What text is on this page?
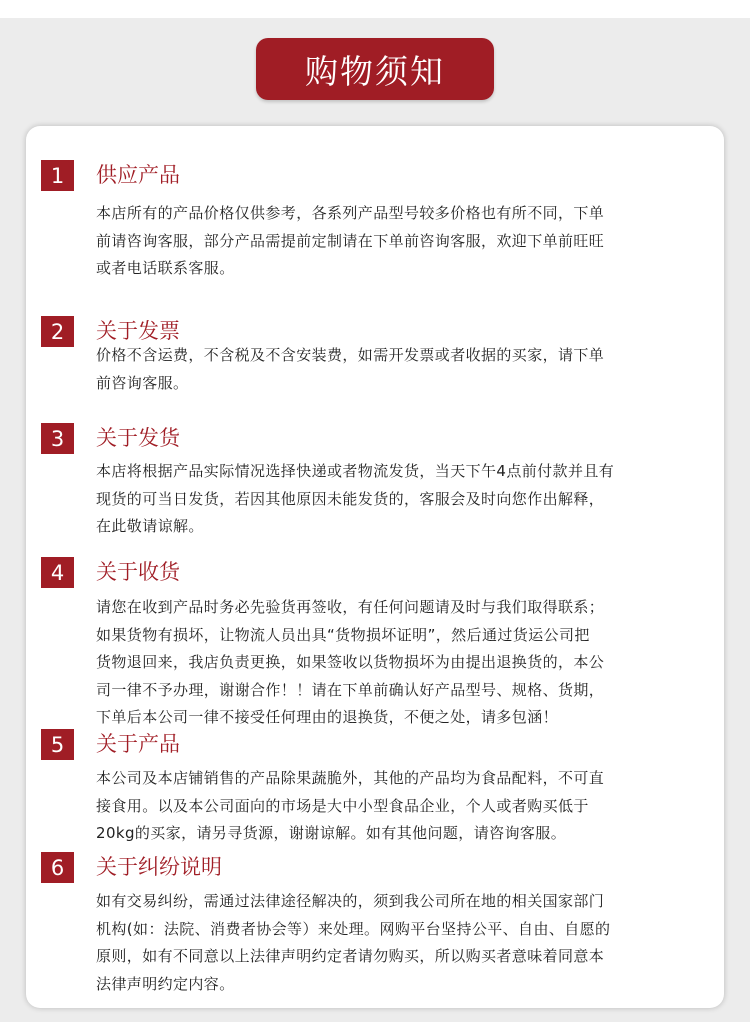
购物须知
1	供应产品
本店所有的产品价格仅供参考，各系列产品型号较多价格也有所不同，下单
前请咨询客服，部分产品需提前定制请在下单前咨询客服，欢迎下单前旺旺
或者电话联系客服。
2	关于发票
价格不含运费，不含税及不含安装费，如需开发票或者收据的买家，请下单
前咨询客服。
3	关于发货
本店将根据产品实际情况选择快递或者物流发货，当天下午4点前付款并且有
现货的可当日发货，若因其他原因未能发货的，客服会及时向您作出解释，
在此敬请谅解。
4	关于收货
请您在收到产品时务必先验货再签收，有任何问题请及时与我们取得联系；
如果货物有损坏，让物流人员出具“货物损坏证明”，然后通过货运公司把
货物退回来，我店负责更换，如果签收以货物损坏为由提出退换货的，本公
司一律不予办理，谢谢合作！！请在下单前确认好产品型号、规格、货期，
下单后本公司一律不接受任何理由的退换货，不便之处，请多包涵！
5	关于产品
本公司及本店铺销售的产品除果蔬脆外，其他的产品均为食品配料，不可直
接食用。以及本公司面向的市场是大中小型食品企业，个人或者购买低于
20kg的买家，请另寻货源，谢谢谅解。如有其他问题，请咨询客服。
6	关于纠纷说明
如有交易纠纷，需通过法律途径解决的，须到我公司所在地的相关国家部门
机构(如：法院、消费者协会等）来处理。网购平台坚持公平、自由、自愿的
原则，如有不同意以上法律声明约定者请勿购买，所以购买者意味着同意本
法律声明约定内容。
